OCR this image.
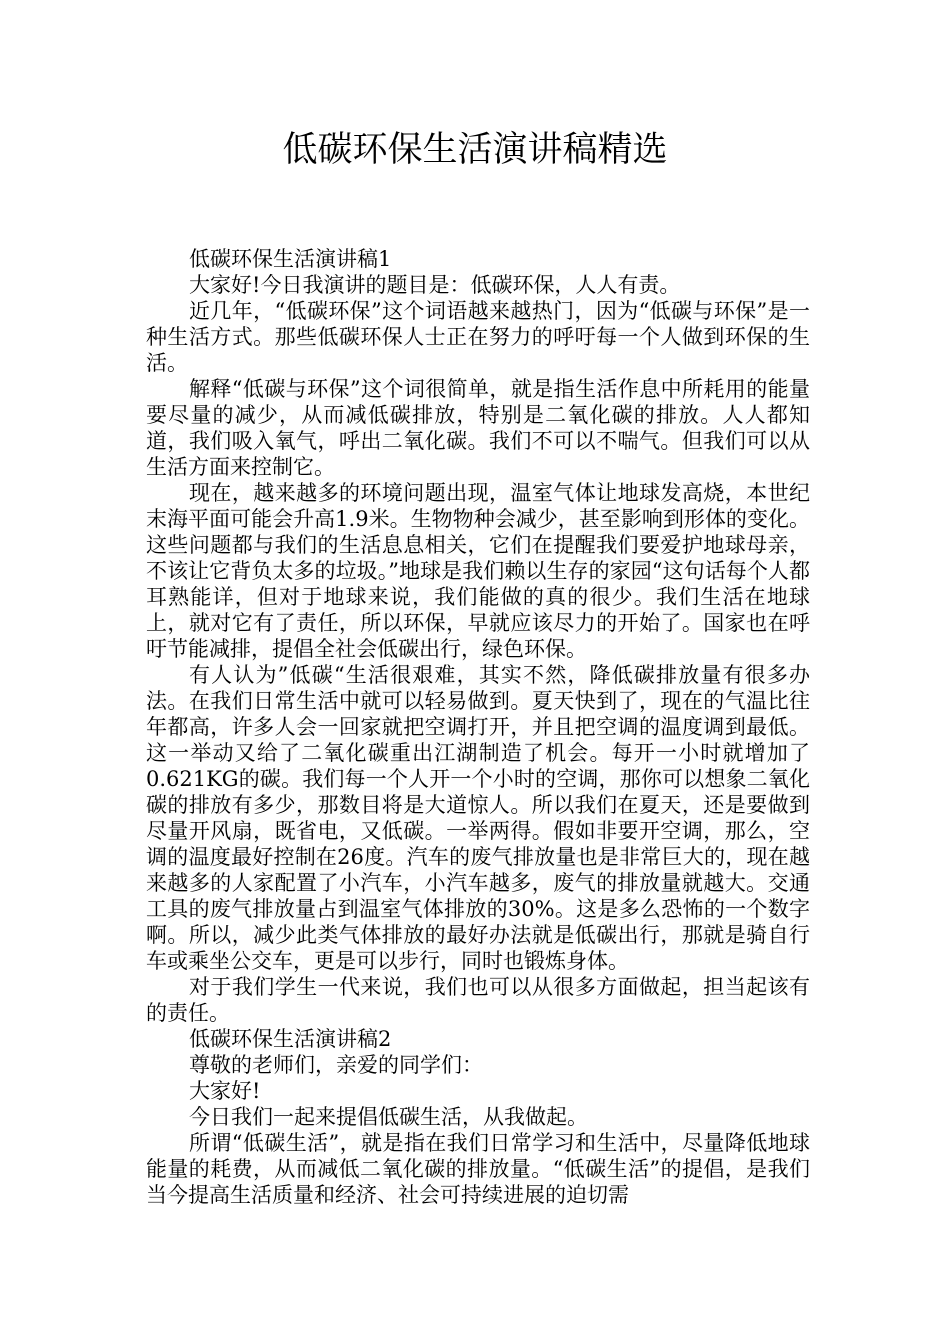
低碳环保生活演讲稿精选

低碳环保生活演讲稿1

大家好!今日我演讲的题目是：低碳环保，人人有责。

近几年，“低碳环保”这个词语越来越热门，因为“低碳与环保”是一种生活方式。那些低碳环保人士正在努力的呼吁每一个人做到环保的生活。

解释“低碳与环保”这个词很简单，就是指生活作息中所耗用的能量要尽量的减少，从而减低碳排放，特别是二氧化碳的排放。人人都知道，我们吸入氧气，呼出二氧化碳。我们不可以不喘气。但我们可以从生活方面来控制它。

现在，越来越多的环境问题出现，温室气体让地球发高烧，本世纪末海平面可能会升高1.9米。生物物种会减少，甚至影响到形体的变化。这些问题都与我们的生活息息相关，它们在提醒我们要爱护地球母亲，不该让它背负太多的垃圾。”地球是我们赖以生存的家园“这句话每个人都耳熟能详，但对于地球来说，我们能做的真的很少。我们生活在地球上，就对它有了责任，所以环保，早就应该尽力的开始了。国家也在呼吁节能减排，提倡全社会低碳出行，绿色环保。

有人认为”低碳“生活很艰难，其实不然，降低碳排放量有很多办法。在我们日常生活中就可以轻易做到。夏天快到了，现在的气温比往年都高，许多人会一回家就把空调打开，并且把空调的温度调到最低。这一举动又给了二氧化碳重出江湖制造了机会。每开一小时就增加了0.621KG的碳。我们每一个人开一个小时的空调，那你可以想象二氧化碳的排放有多少，那数目将是大道惊人。所以我们在夏天，还是要做到尽量开风扇，既省电，又低碳。一举两得。假如非要开空调，那么，空调的温度最好控制在26度。汽车的废气排放量也是非常巨大的，现在越来越多的人家配置了小汽车，小汽车越多，废气的排放量就越大。交通工具的废气排放量占到温室气体排放的30%。这是多么恐怖的一个数字啊。所以，减少此类气体排放的最好办法就是低碳出行，那就是骑自行车或乘坐公交车，更是可以步行，同时也锻炼身体。

对于我们学生一代来说，我们也可以从很多方面做起，担当起该有的责任。

低碳环保生活演讲稿2

尊敬的老师们，亲爱的同学们：

大家好!

今日我们一起来提倡低碳生活，从我做起。

所谓“低碳生活”，就是指在我们日常学习和生活中，尽量降低地球能量的耗费，从而减低二氧化碳的排放量。“低碳生活”的提倡，是我们当今提高生活质量和经济、社会可持续进展的迫切需
